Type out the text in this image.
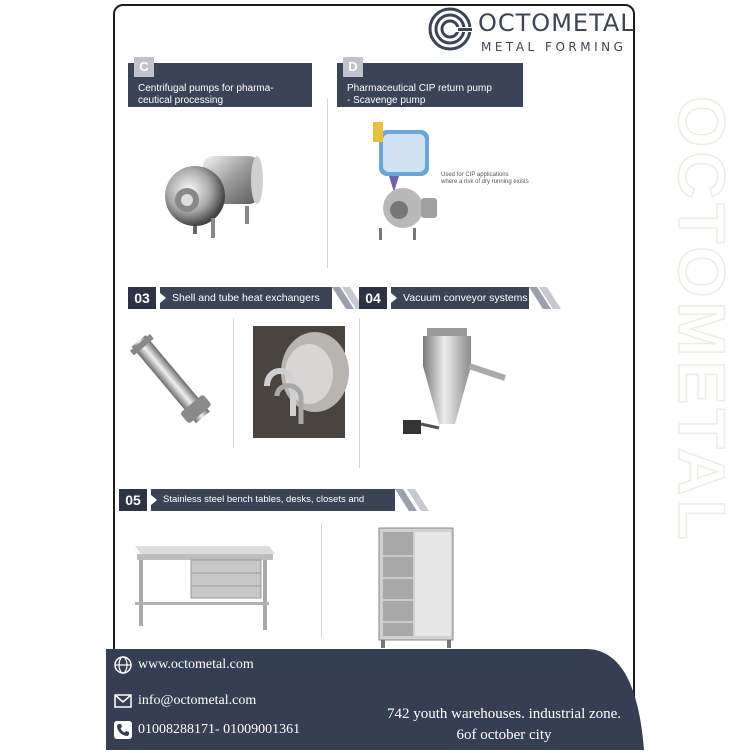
OCTOMETAL
C
Centrifugal pumps for pharma-
ceutical processing
D
Pharmaceutical CIP return pump
- Scavenge pump
Used for CIP applications
where a risk of dry running exists
03	Shell and tube heat exchangers	04	Vacuum conveyor systems
05	Stainless steel bench tables, desks, closets and trolleys
OCTOMETAL
METAL FORMING
www.octometal.com
info@octometal.com
01008288171- 01009001361
742 youth warehouses. industrial zone.
6of october city
